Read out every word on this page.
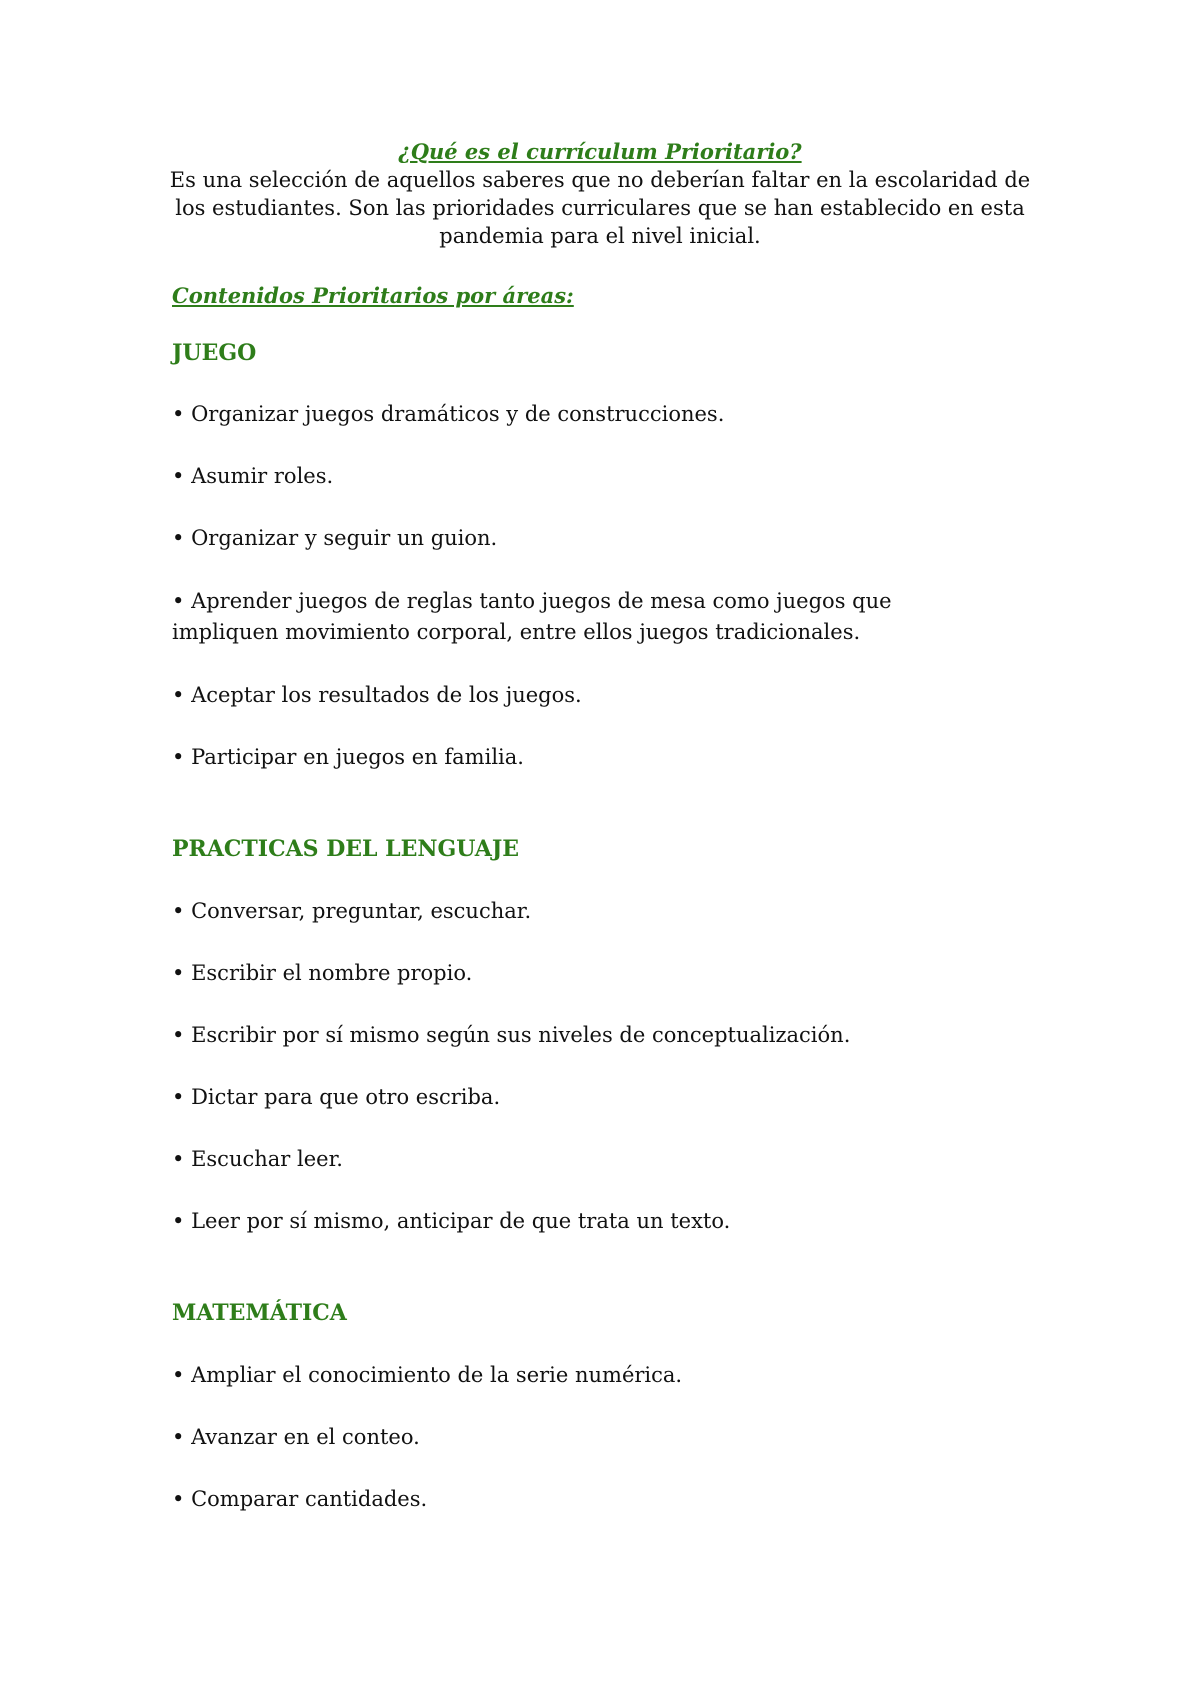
¿Qué es el currículum Prioritario?

Es una selección de aquellos saberes que no deberían faltar en la escolaridad de los estudiantes. Son las prioridades curriculares que se han establecido en esta pandemia para el nivel inicial.

Contenidos Prioritarios por áreas:

JUEGO

• Organizar juegos dramáticos y de construcciones.

• Asumir roles.

• Organizar y seguir un guion.

• Aprender juegos de reglas tanto juegos de mesa como juegos que impliquen movimiento corporal, entre ellos juegos tradicionales.

• Aceptar los resultados de los juegos.

• Participar en juegos en familia.

PRACTICAS DEL LENGUAJE

• Conversar, preguntar, escuchar.

• Escribir el nombre propio.

• Escribir por sí mismo según sus niveles de conceptualización.

• Dictar para que otro escriba.

• Escuchar leer.

• Leer por sí mismo, anticipar de que trata un texto.

MATEMÁTICA

• Ampliar el conocimiento de la serie numérica.

• Avanzar en el conteo.

• Comparar cantidades.
